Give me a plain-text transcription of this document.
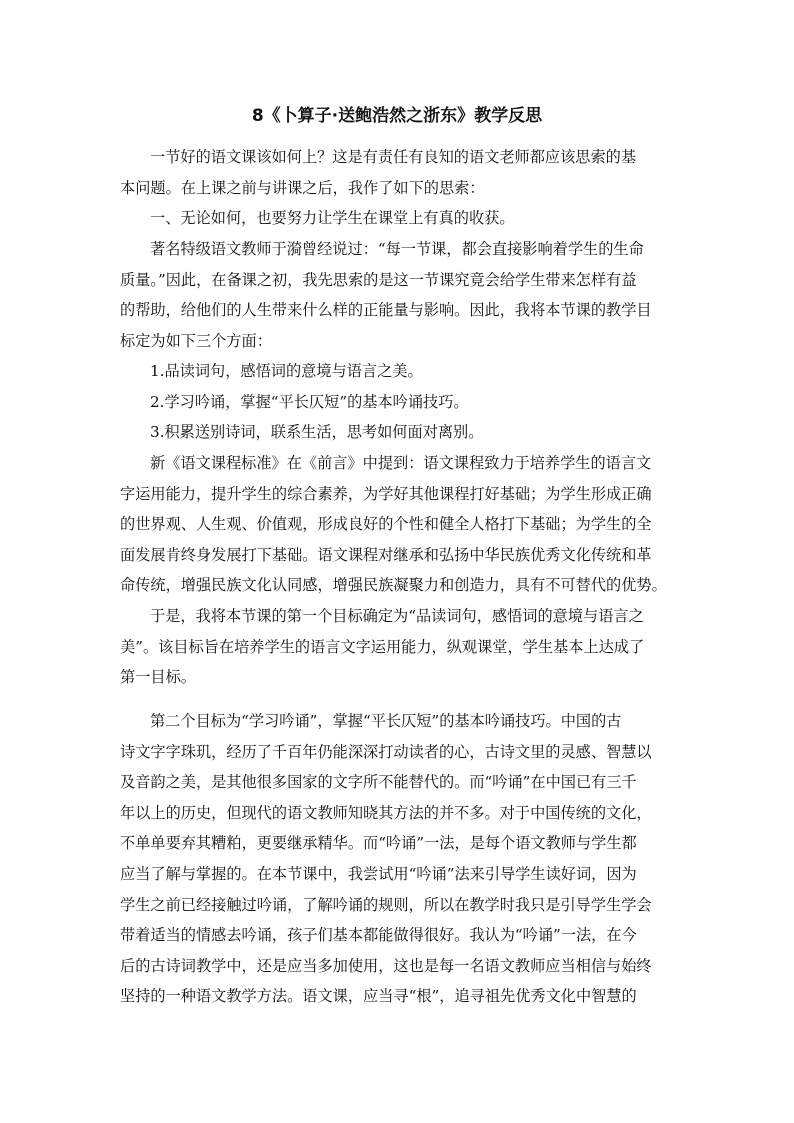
8《卜算子·送鲍浩然之浙东》教学反思
一节好的语文课该如何上？这是有责任有良知的语文老师都应该思索的基
本问题。在上课之前与讲课之后，我作了如下的思索：
一、无论如何，也要努力让学生在课堂上有真的收获。
著名特级语文教师于漪曾经说过：“每一节课，都会直接影响着学生的生命
质量。”因此，在备课之初，我先思索的是这一节课究竟会给学生带来怎样有益
的帮助，给他们的人生带来什么样的正能量与影响。因此，我将本节课的教学目
标定为如下三个方面：
1.品读词句，感悟词的意境与语言之美。
2.学习吟诵，掌握“平长仄短”的基本吟诵技巧。
3.积累送别诗词，联系生活，思考如何面对离别。
新《语文课程标准》在《前言》中提到：语文课程致力于培养学生的语言文
字运用能力，提升学生的综合素养，为学好其他课程打好基础；为学生形成正确
的世界观、人生观、价值观，形成良好的个性和健全人格打下基础；为学生的全
面发展肯终身发展打下基础。语文课程对继承和弘扬中华民族优秀文化传统和革
命传统，增强民族文化认同感，增强民族凝聚力和创造力，具有不可替代的优势。
于是，我将本节课的第一个目标确定为“品读词句，感悟词的意境与语言之
美”。该目标旨在培养学生的语言文字运用能力，纵观课堂，学生基本上达成了
第一目标。
第二个目标为“学习吟诵”，掌握“平长仄短”的基本吟诵技巧。中国的古
诗文字字珠玑，经历了千百年仍能深深打动读者的心，古诗文里的灵感、智慧以
及音韵之美，是其他很多国家的文字所不能替代的。而“吟诵”在中国已有三千
年以上的历史，但现代的语文教师知晓其方法的并不多。对于中国传统的文化，
不单单要弃其糟粕，更要继承精华。而“吟诵”一法，是每个语文教师与学生都
应当了解与掌握的。在本节课中，我尝试用“吟诵”法来引导学生读好词，因为
学生之前已经接触过吟诵，了解吟诵的规则，所以在教学时我只是引导学生学会
带着适当的情感去吟诵，孩子们基本都能做得很好。我认为“吟诵”一法，在今
后的古诗词教学中，还是应当多加使用，这也是每一名语文教师应当相信与始终
坚持的一种语文教学方法。语文课，应当寻“根”，追寻祖先优秀文化中智慧的
